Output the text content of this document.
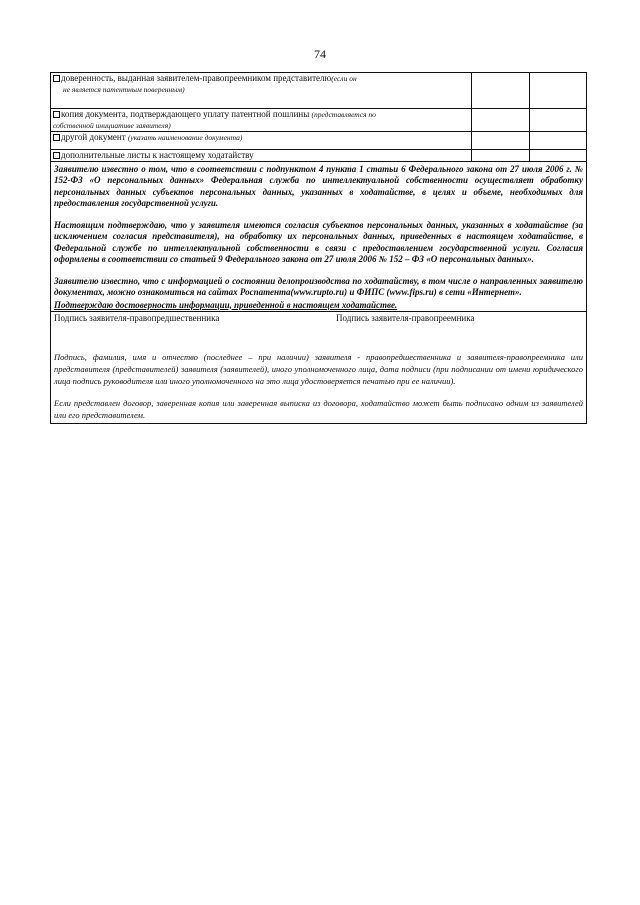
74
доверенность, выданная заявителем-правопреемником представителю(если он
не является патентным поверенным)		
копия документа, подтверждающего уплату патентной пошлины (представляется по
собственной инициативе заявителя)		
другой документ (указать наименование документа)		
дополнительные листы к настоящему ходатайству		

Заявителю известно о том, что в соответствии с подпунктом 4 пункта 1 статьи 6 Федерального закона от 27 июля 2006 г. № 152-ФЗ «О персональных данных» Федеральная служба по интеллектуальной собственности осуществляет обработку персональных данных субъектов персональных данных, указанных в ходатайстве, в целях и объеме, необходимых для предоставления государственной услуги.

Настоящим подтверждаю, что у заявителя имеются согласия субъектов персональных данных, указанных в ходатайстве (за исключением согласия представителя), на обработку их персональных данных, приведенных в настоящем ходатайстве, в Федеральной службе по интеллектуальной собственности в связи с предоставлением государственной услуги. Согласия оформлены в соответствии со статьей 9 Федерального закона от 27 июля 2006 № 152 – ФЗ «О персональных данных».

Заявителю известно, что с информацией о состоянии делопроизводства по ходатайству, в том числе о направленных заявителю документах, можно ознакомиться на сайтах Роспатента(www.rupto.ru) и ФИПС (www.fips.ru) в сети «Интернет».

Подтверждаю достоверность информации, приведенной в настоящем ходатайстве.
Подпись заявителя-правопредшественника	Подпись заявителя-правопреемника

Подпись, фамилия, имя и отчество (последнее – при наличии) заявителя - правопредшественника и заявителя-правопреемника или представителя (представителей) заявителя (заявителей), иного уполномоченного лица, дата подписи (при подписании от имени юридического лица подпись руководителя или иного уполномоченного на это лица удостоверяется печатью при ее наличии).

Если представлен договор, заверенная копия или заверенная выписка из договора, ходатайство может быть подписано одним из заявителей или его представителем.
